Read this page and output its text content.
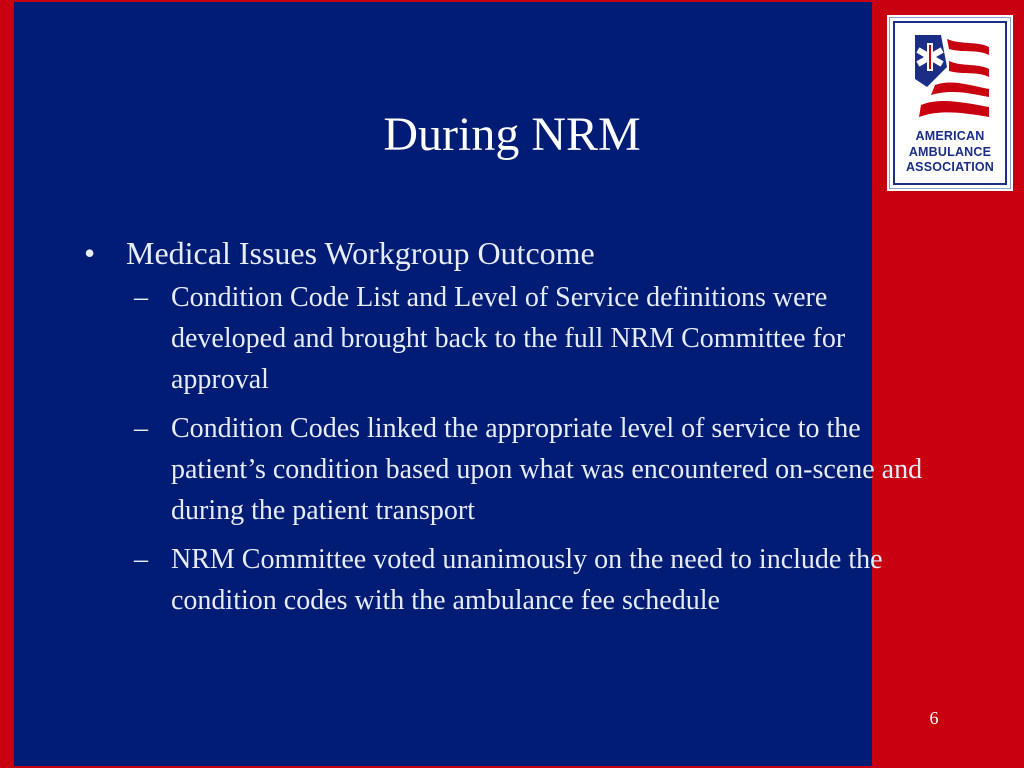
During NRM
• Medical Issues Workgroup Outcome
– Condition Code List and Level of Service definitions were developed and brought back to the full NRM Committee for approval
– Condition Codes linked the appropriate level of service to the patient’s condition based upon what was encountered on-scene and during the patient transport
– NRM Committee voted unanimously on the need to include the condition codes with the ambulance fee schedule
AMERICAN
AMBULANCE
ASSOCIATION
6
